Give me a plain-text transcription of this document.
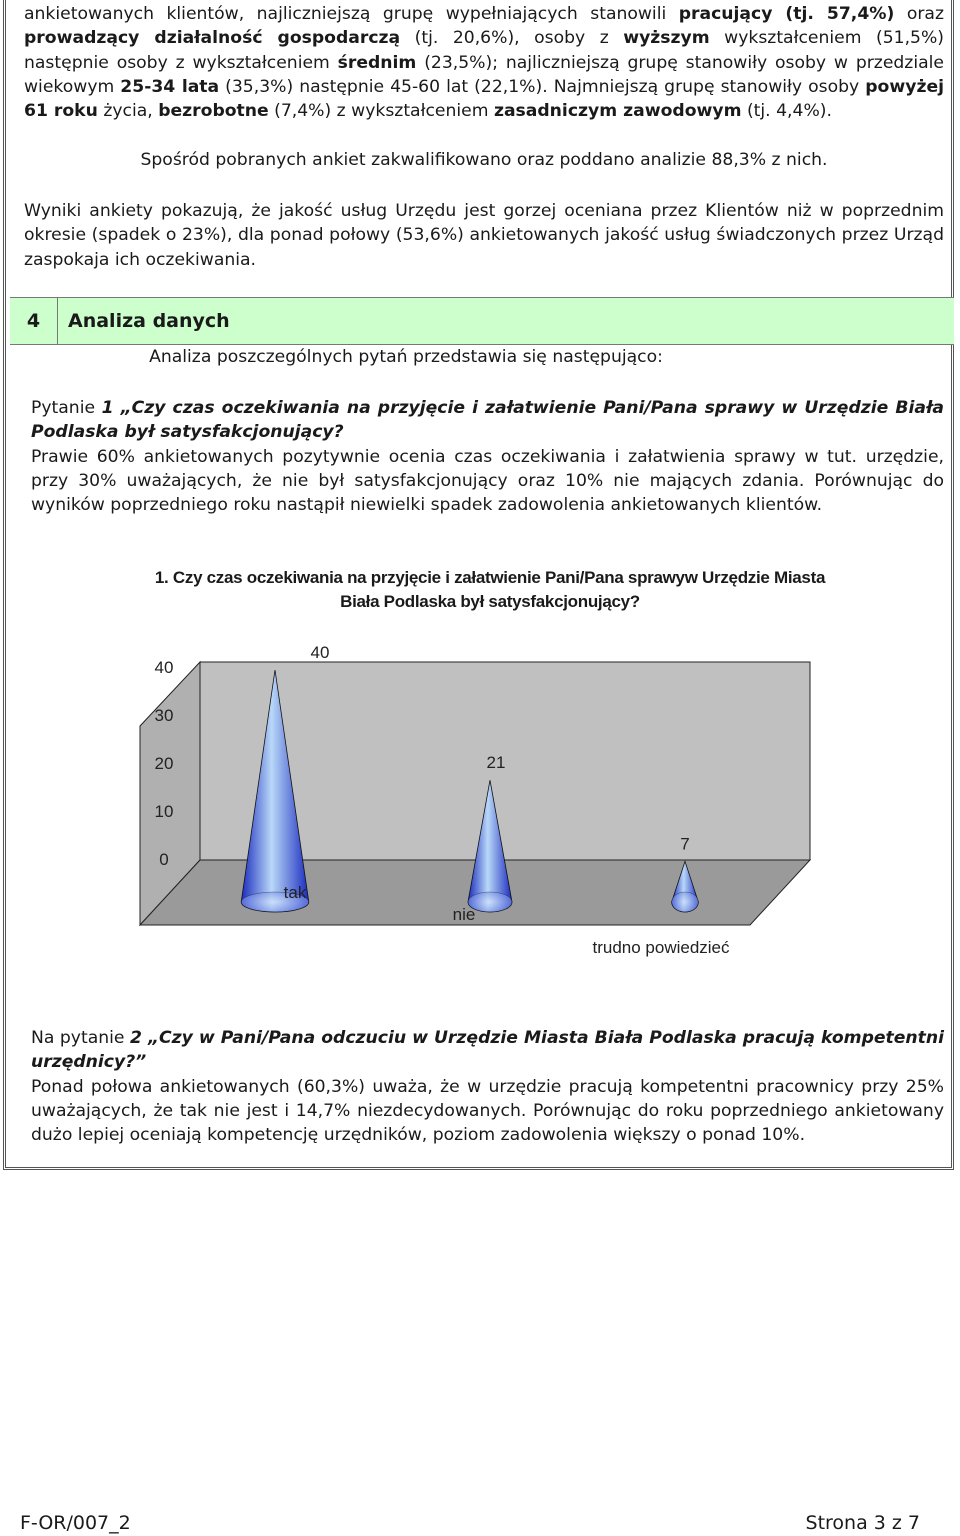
ankietowanych klientów, najliczniejszą grupę wypełniających stanowili pracujący (tj. 57,4%) oraz prowadzący działalność gospodarczą (tj. 20,6%), osoby z wyższym wykształceniem (51,5%) następnie osoby z wykształceniem średnim (23,5%); najliczniejszą grupę stanowiły osoby w przedziale wiekowym 25-34 lata (35,3%) następnie 45-60 lat (22,1%). Najmniejszą grupę stanowiły osoby powyżej 61 roku życia, bezrobotne (7,4%) z wykształceniem zasadniczym zawodowym (tj. 4,4%).

Spośród pobranych ankiet zakwalifikowano oraz poddano analizie 88,3% z nich.

Wyniki ankiety pokazują, że jakość usług Urzędu jest gorzej oceniana przez Klientów niż w poprzednim okresie (spadek o 23%), dla ponad połowy (53,6%) ankietowanych jakość usług świadczonych przez Urząd zaspokaja ich oczekiwania.

4	Analiza danych

Analiza poszczególnych pytań przedstawia się następująco:

Pytanie 1 „Czy czas oczekiwania na przyjęcie i załatwienie Pani/Pana sprawy w Urzędzie Biała Podlaska był satysfakcjonujący?
Prawie 60% ankietowanych pozytywnie ocenia czas oczekiwania i załatwienia sprawy w tut. urzędzie, przy 30% uważających, że nie był satysfakcjonujący oraz 10% nie mających zdania. Porównując do wyników poprzedniego roku nastąpił niewielki spadek zadowolenia ankietowanych klientów.

1. Czy czas oczekiwania na przyjęcie i załatwienie Pani/Pana sprawyw Urzędzie Miasta
Biała Podlaska był satysfakcjonujący?
0
10
20
30
40
40
21
7
tak
nie
trudno powiedzieć

Na pytanie 2 „Czy w Pani/Pana odczuciu w Urzędzie Miasta Biała Podlaska pracują kompetentni urzędnicy?”
Ponad połowa ankietowanych (60,3%) uważa, że w urzędzie pracują kompetentni pracownicy przy 25% uważających, że tak nie jest i 14,7% niezdecydowanych. Porównując do roku poprzedniego ankietowany dużo lepiej oceniają kompetencję urzędników, poziom zadowolenia większy o ponad 10%.

F-OR/007_2	Strona 3 z 7
